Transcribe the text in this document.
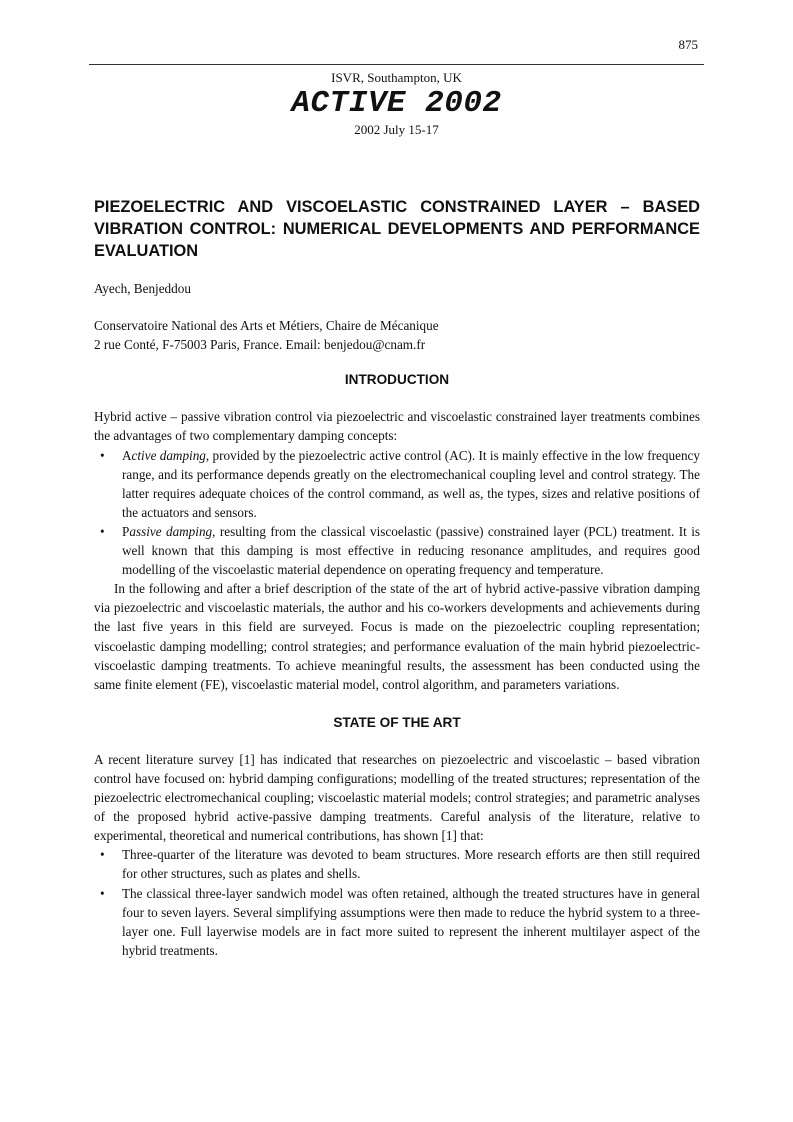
875
ISVR, Southampton, UK
ACTIVE 2002
2002 July 15-17
PIEZOELECTRIC AND VISCOELASTIC CONSTRAINED LAYER – BASED VIBRATION CONTROL: NUMERICAL DEVELOPMENTS AND PERFORMANCE EVALUATION
Ayech, Benjeddou
Conservatoire National des Arts et Métiers, Chaire de Mécanique
2 rue Conté, F-75003 Paris, France. Email: benjedou@cnam.fr
INTRODUCTION

Hybrid active – passive vibration control via piezoelectric and viscoelastic constrained layer treatments combines the advantages of two complementary damping concepts:

• Active damping, provided by the piezoelectric active control (AC). It is mainly effective in the low frequency range, and its performance depends greatly on the electromechanical coupling level and control strategy. The latter requires adequate choices of the control command, as well as, the types, sizes and relative positions of the actuators and sensors.
• Passive damping, resulting from the classical viscoelastic (passive) constrained layer (PCL) treatment. It is well known that this damping is most effective in reducing resonance amplitudes, and requires good modelling of the viscoelastic material dependence on operating frequency and temperature.

In the following and after a brief description of the state of the art of hybrid active-passive vibration damping via piezoelectric and viscoelastic materials, the author and his co-workers developments and achievements during the last five years in this field are surveyed. Focus is made on the piezoelectric coupling representation; viscoelastic damping modelling; control strategies; and performance evaluation of the main hybrid piezoelectric-viscoelastic damping treatments. To achieve meaningful results, the assessment has been conducted using the same finite element (FE), viscoelastic material model, control algorithm, and parameters variations.

STATE OF THE ART

A recent literature survey [1] has indicated that researches on piezoelectric and viscoelastic – based vibration control have focused on: hybrid damping configurations; modelling of the treated structures; representation of the piezoelectric electromechanical coupling; viscoelastic material models; control strategies; and parametric analyses of the proposed hybrid active-passive damping treatments. Careful analysis of the literature, relative to experimental, theoretical and numerical contributions, has shown [1] that:

• Three-quarter of the literature was devoted to beam structures. More research efforts are then still required for other structures, such as plates and shells.
• The classical three-layer sandwich model was often retained, although the treated structures have in general four to seven layers. Several simplifying assumptions were then made to reduce the hybrid system to a three-layer one. Full layerwise models are in fact more suited to represent the inherent multilayer aspect of the hybrid treatments.
